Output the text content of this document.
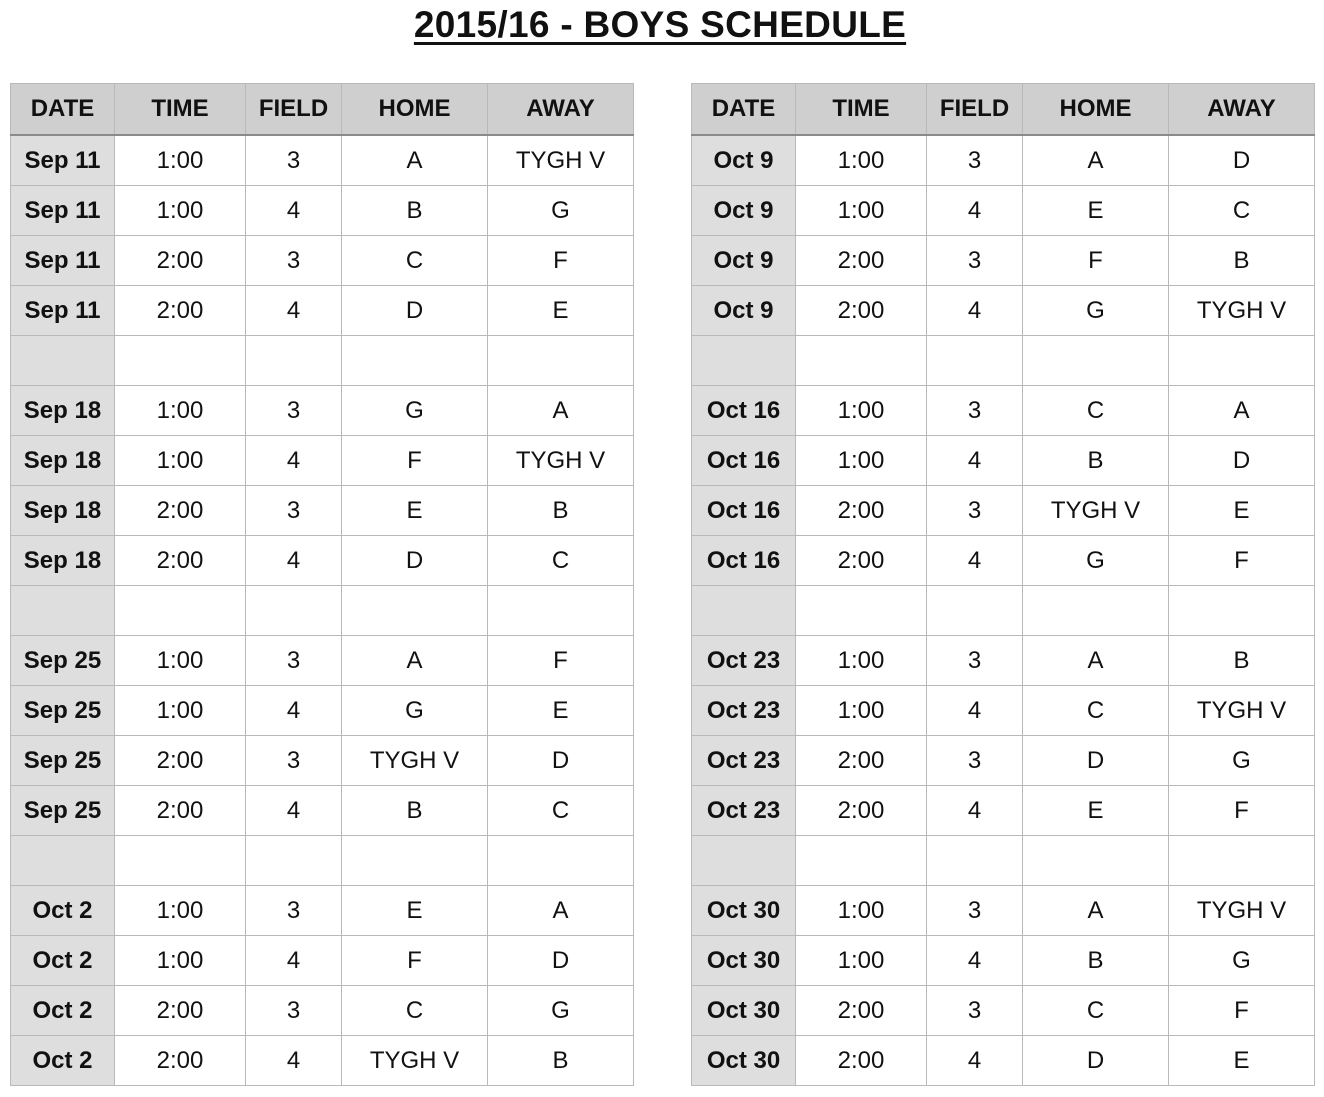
2015/16 - BOYS SCHEDULE
DATE	TIME	FIELD	HOME	AWAY
Sep 11	1:00	3	A	TYGH V
Sep 11	1:00	4	B	G
Sep 11	2:00	3	C	F
Sep 11	2:00	4	D	E

Sep 18	1:00	3	G	A
Sep 18	1:00	4	F	TYGH V
Sep 18	2:00	3	E	B
Sep 18	2:00	4	D	C

Sep 25	1:00	3	A	F
Sep 25	1:00	4	G	E
Sep 25	2:00	3	TYGH V	D
Sep 25	2:00	4	B	C

Oct 2	1:00	3	E	A
Oct 2	1:00	4	F	D
Oct 2	2:00	3	C	G
Oct 2	2:00	4	TYGH V	B
DATE	TIME	FIELD	HOME	AWAY
Oct 9	1:00	3	A	D
Oct 9	1:00	4	E	C
Oct 9	2:00	3	F	B
Oct 9	2:00	4	G	TYGH V

Oct 16	1:00	3	C	A
Oct 16	1:00	4	B	D
Oct 16	2:00	3	TYGH V	E
Oct 16	2:00	4	G	F

Oct 23	1:00	3	A	B
Oct 23	1:00	4	C	TYGH V
Oct 23	2:00	3	D	G
Oct 23	2:00	4	E	F

Oct 30	1:00	3	A	TYGH V
Oct 30	1:00	4	B	G
Oct 30	2:00	3	C	F
Oct 30	2:00	4	D	E
